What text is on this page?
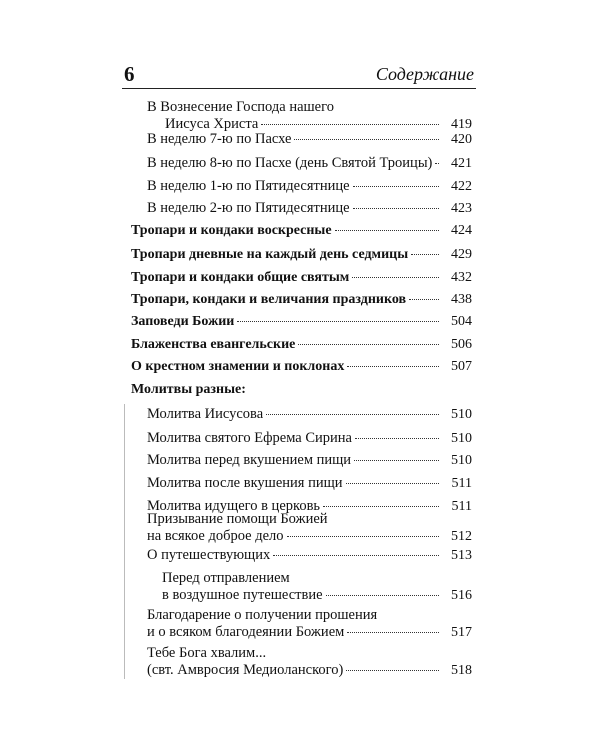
6	Содержание
В Вознесение Господа нашего
Иисуса Христа	419
В неделю 7-ю по Пасхе	420
В неделю 8-ю по Пасхе (день Святой Троицы)	421
В неделю 1-ю по Пятидесятнице	422
В неделю 2-ю по Пятидесятнице	423
Тропари и кондаки воскресные	424
Тропари дневные на каждый день седмицы	429
Тропари и кондаки общие святым	432
Тропари, кондаки и величания праздников	438
Заповеди Божии	504
Блаженства евангельские	506
О крестном знамении и поклонах	507
Молитвы разные:
Молитва Иисусова	510
Молитва святого Ефрема Сирина	510
Молитва перед вкушением пищи	510
Молитва после вкушения пищи	511
Молитва идущего в церковь	511
Призывание помощи Божией
на всякое доброе дело	512
О путешествующих	513
Перед отправлением
в воздушное путешествие	516
Благодарение о получении прошения
и о всяком благодеянии Божием	517
Тебе Бога хвалим...
(свт. Амвросия Медиоланского)	518
